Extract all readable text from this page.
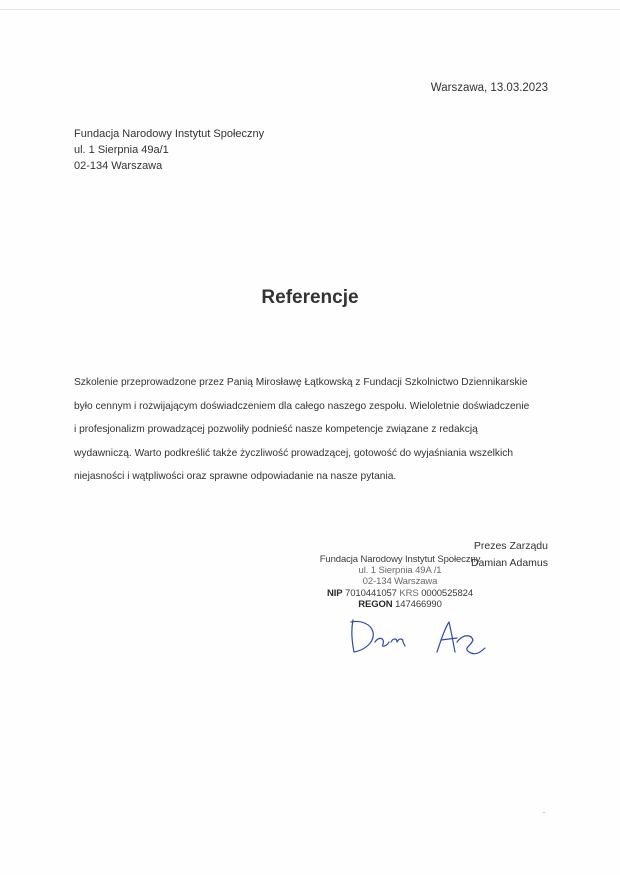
Warszawa, 13.03.2023
Fundacja Narodowy Instytut Społeczny
ul. 1 Sierpnia 49a/1
02-134 Warszawa
Referencje
Szkolenie przeprowadzone przez Panią Mirosławę Łątkowską z Fundacji Szkolnictwo Dziennikarskie
było cennym i rozwijającym doświadczeniem dla całego naszego zespołu. Wieloletnie doświadczenie
i profesjonalizm prowadzącej pozwoliły podnieść nasze kompetencje związane z redakcją
wydawniczą. Warto podkreślić także życzliwość prowadzącej, gotowość do wyjaśniania wszelkich
niejasności i wątpliwości oraz sprawne odpowiadanie na nasze pytania.
Prezes Zarządu
Damian Adamus
Fundacja Narodowy Instytut Społeczny
ul. 1 Sierpnia 49A /1
02-134 Warszawa
NIP 7010441057 KRS 0000525824
REGON 147466990
